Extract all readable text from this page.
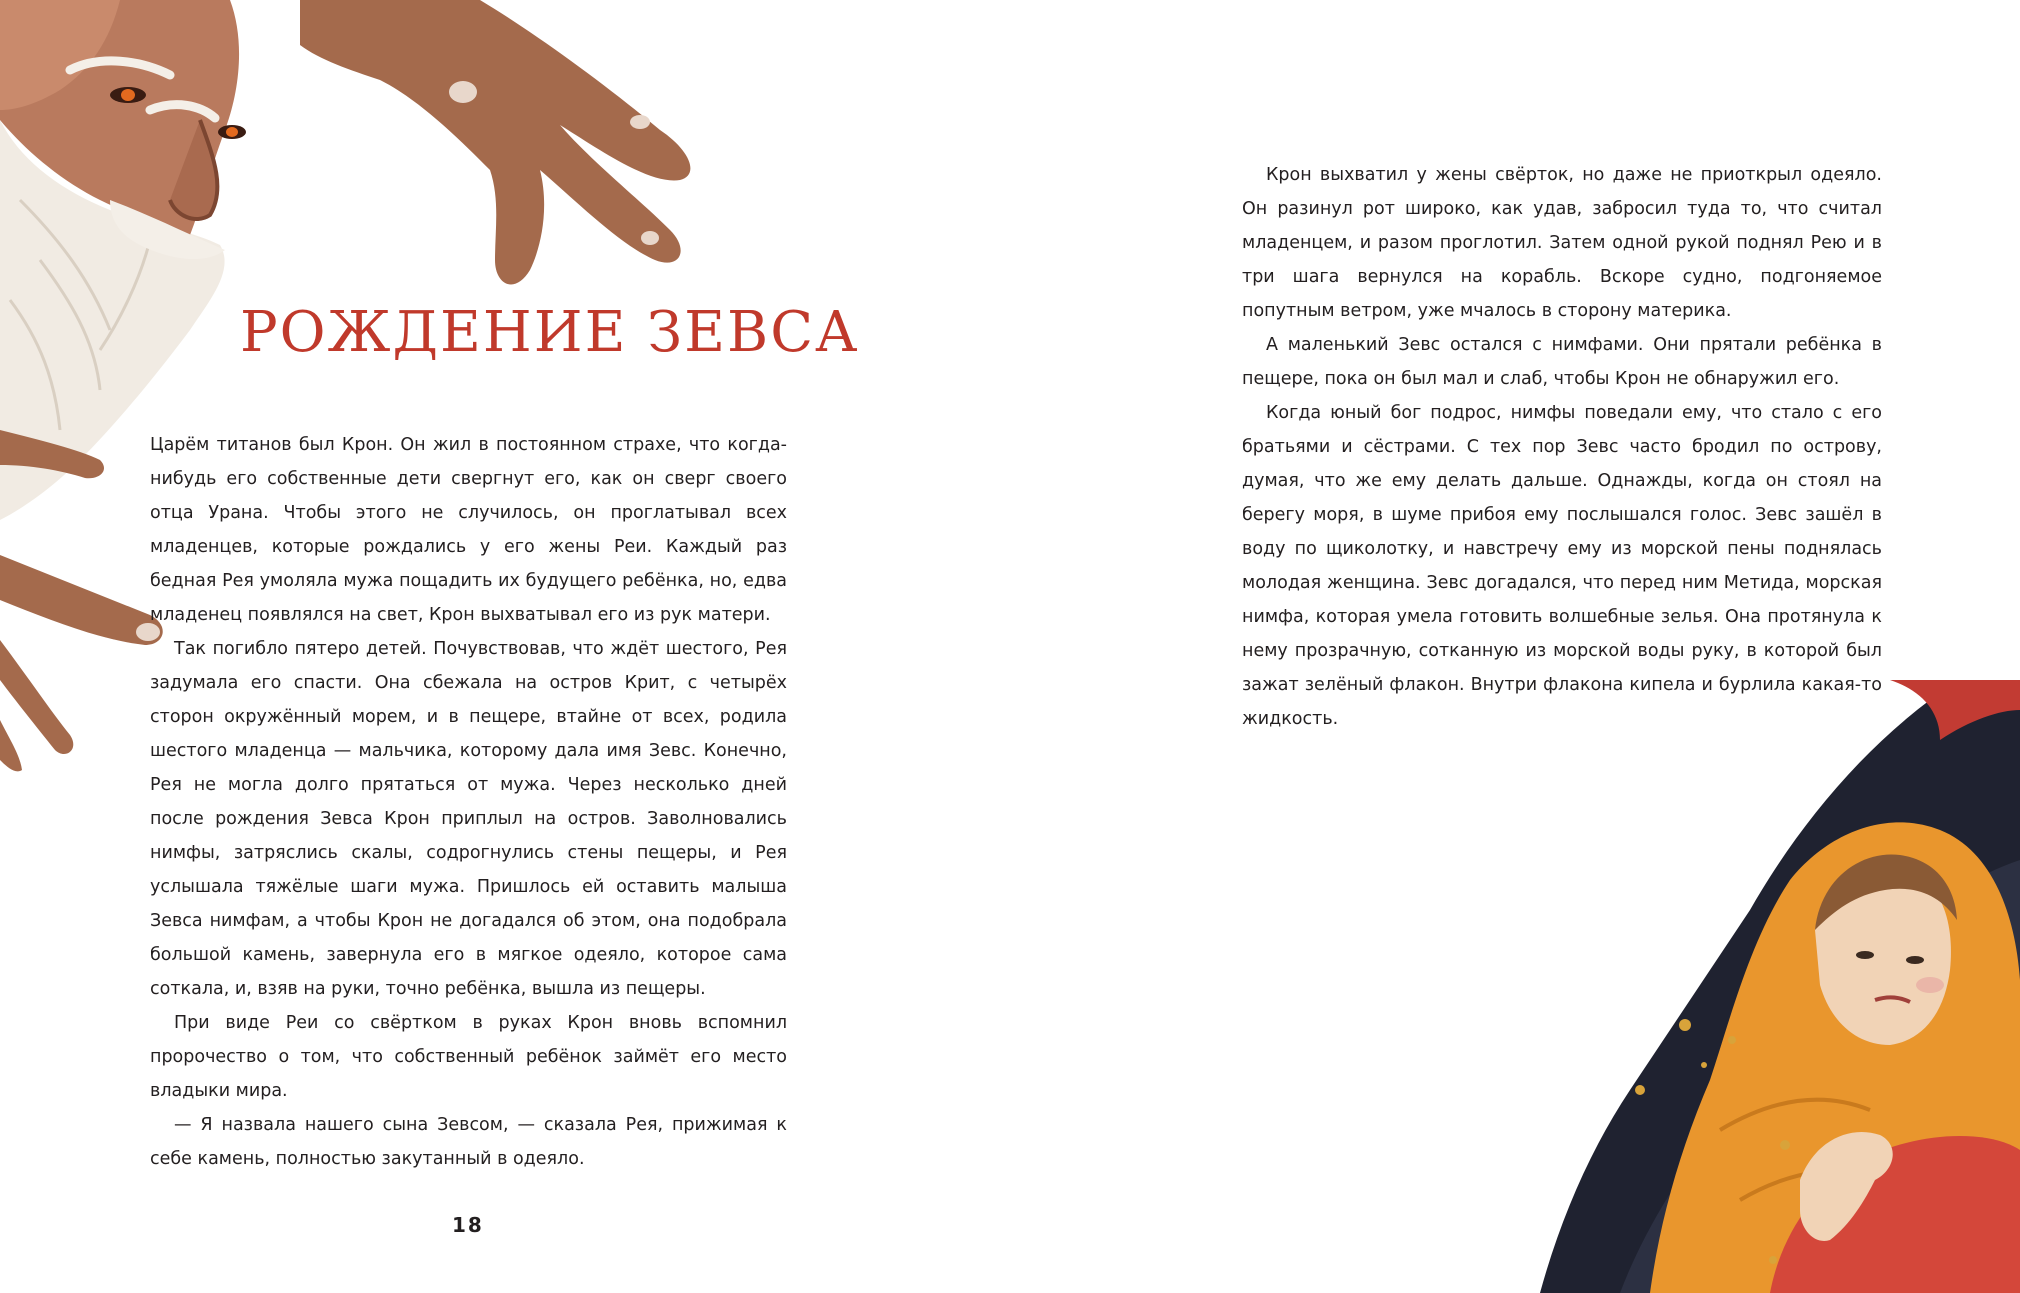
РОЖДЕНИЕ ЗЕВСА

Царём титанов был Крон. Он жил в постоянном страхе, что когда-нибудь его собственные дети свергнут его, как он сверг своего отца Урана. Чтобы этого не случилось, он проглатывал всех младенцев, которые рождались у его жены Реи. Каждый раз бедная Рея умоляла мужа пощадить их будущего ребёнка, но, едва младенец появлялся на свет, Крон выхватывал его из рук матери.

Так погибло пятеро детей. Почувствовав, что ждёт шестого, Рея задумала его спасти. Она сбежала на остров Крит, с четырёх сторон окружённый морем, и в пещере, втайне от всех, родила шестого младенца — мальчика, которому дала имя Зевс. Конечно, Рея не могла долго прятаться от мужа. Через несколько дней после рождения Зевса Крон приплыл на остров. Заволновались нимфы, затряслись скалы, содрогнулись стены пещеры, и Рея услышала тяжёлые шаги мужа. Пришлось ей оставить малыша Зевса нимфам, а чтобы Крон не догадался об этом, она подобрала большой камень, завернула его в мягкое одеяло, которое сама соткала, и, взяв на руки, точно ребёнка, вышла из пещеры.

При виде Реи со свёртком в руках Крон вновь вспомнил пророчество о том, что собственный ребёнок займёт его место владыки мира.

— Я назвала нашего сына Зевсом, — сказала Рея, прижимая к себе камень, полностью закутанный в одеяло.

Крон выхватил у жены свёрток, но даже не приоткрыл одеяло. Он разинул рот широко, как удав, забросил туда то, что считал младенцем, и разом проглотил. Затем одной рукой поднял Рею и в три шага вернулся на корабль. Вскоре судно, подгоняемое попутным ветром, уже мчалось в сторону материка.

А маленький Зевс остался с нимфами. Они прятали ребёнка в пещере, пока он был мал и слаб, чтобы Крон не обнаружил его.

Когда юный бог подрос, нимфы поведали ему, что стало с его братьями и сёстрами. С тех пор Зевс часто бродил по острову, думая, что же ему делать дальше. Однажды, когда он стоял на берегу моря, в шуме прибоя ему послышался голос. Зевс зашёл в воду по щиколотку, и навстречу ему из морской пены поднялась молодая женщина. Зевс догадался, что перед ним Метида, морская нимфа, которая умела готовить волшебные зелья. Она протянула к нему прозрачную, сотканную из морской воды руку, в которой был зажат зелёный флакон. Внутри флакона кипела и бурлила какая-то жидкость.

18
